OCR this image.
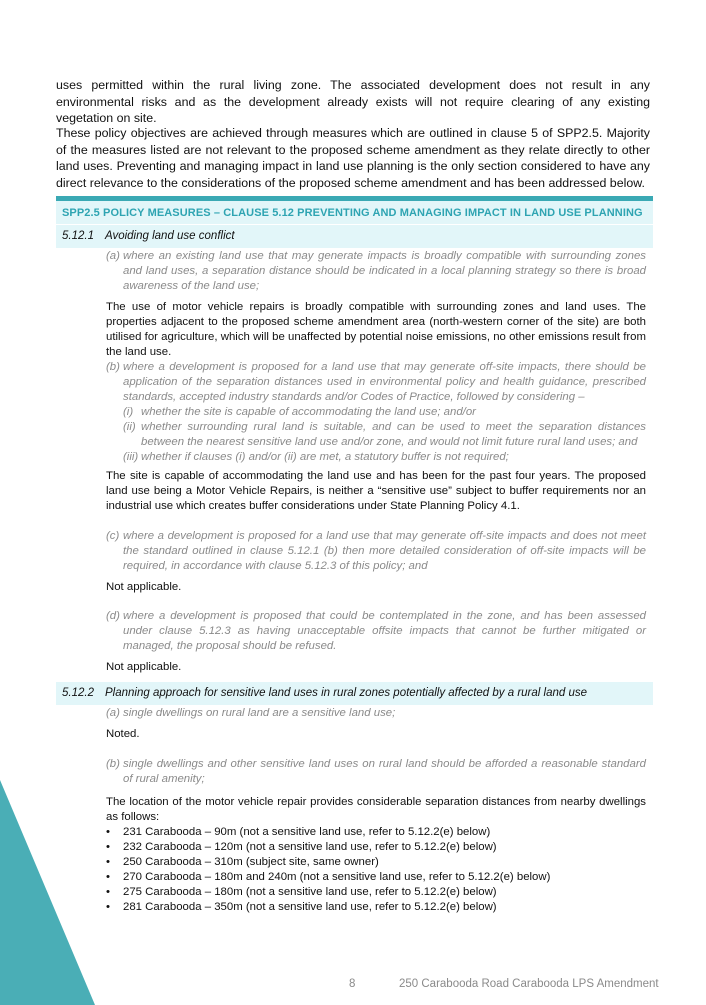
uses permitted within the rural living zone. The associated development does not result in any environmental risks and as the development already exists will not require clearing of any existing vegetation on site.

These policy objectives are achieved through measures which are outlined in clause 5 of SPP2.5. Majority of the measures listed are not relevant to the proposed scheme amendment as they relate directly to other land uses. Preventing and managing impact in land use planning is the only section considered to have any direct relevance to the considerations of the proposed scheme amendment and has been addressed below.

SPP2.5 POLICY MEASURES – CLAUSE 5.12 PREVENTING AND MANAGING IMPACT IN LAND USE PLANNING
5.12.1 Avoiding land use conflict
(a) where an existing land use that may generate impacts is broadly compatible with surrounding zones and land uses, a separation distance should be indicated in a local planning strategy so there is broad awareness of the land use;
The use of motor vehicle repairs is broadly compatible with surrounding zones and land uses. The properties adjacent to the proposed scheme amendment area (north-western corner of the site) are both utilised for agriculture, which will be unaffected by potential noise emissions, no other emissions result from the land use.
(b) where a development is proposed for a land use that may generate off-site impacts, there should be application of the separation distances used in environmental policy and health guidance, prescribed standards, accepted industry standards and/or Codes of Practice, followed by considering –
(i) whether the site is capable of accommodating the land use; and/or
(ii) whether surrounding rural land is suitable, and can be used to meet the separation distances between the nearest sensitive land use and/or zone, and would not limit future rural land uses; and
(iii) whether if clauses (i) and/or (ii) are met, a statutory buffer is not required;
The site is capable of accommodating the land use and has been for the past four years. The proposed land use being a Motor Vehicle Repairs, is neither a “sensitive use” subject to buffer requirements nor an industrial use which creates buffer considerations under State Planning Policy 4.1.
(c) where a development is proposed for a land use that may generate off-site impacts and does not meet the standard outlined in clause 5.12.1 (b) then more detailed consideration of off-site impacts will be required, in accordance with clause 5.12.3 of this policy; and
Not applicable.
(d) where a development is proposed that could be contemplated in the zone, and has been assessed under clause 5.12.3 as having unacceptable offsite impacts that cannot be further mitigated or managed, the proposal should be refused.
Not applicable.
5.12.2 Planning approach for sensitive land uses in rural zones potentially affected by a rural land use
(a) single dwellings on rural land are a sensitive land use;
Noted.
(b) single dwellings and other sensitive land uses on rural land should be afforded a reasonable standard of rural amenity;
The location of the motor vehicle repair provides considerable separation distances from nearby dwellings as follows:
•	231 Carabooda – 90m (not a sensitive land use, refer to 5.12.2(e) below)
•	232 Carabooda – 120m (not a sensitive land use, refer to 5.12.2(e) below)
•	250 Carabooda – 310m (subject site, same owner)
•	270 Carabooda – 180m and 240m (not a sensitive land use, refer to 5.12.2(e) below)
•	275 Carabooda – 180m (not a sensitive land use, refer to 5.12.2(e) below)
•	281 Carabooda – 350m (not a sensitive land use, refer to 5.12.2(e) below)
8	250 Carabooda Road Carabooda LPS Amendment
